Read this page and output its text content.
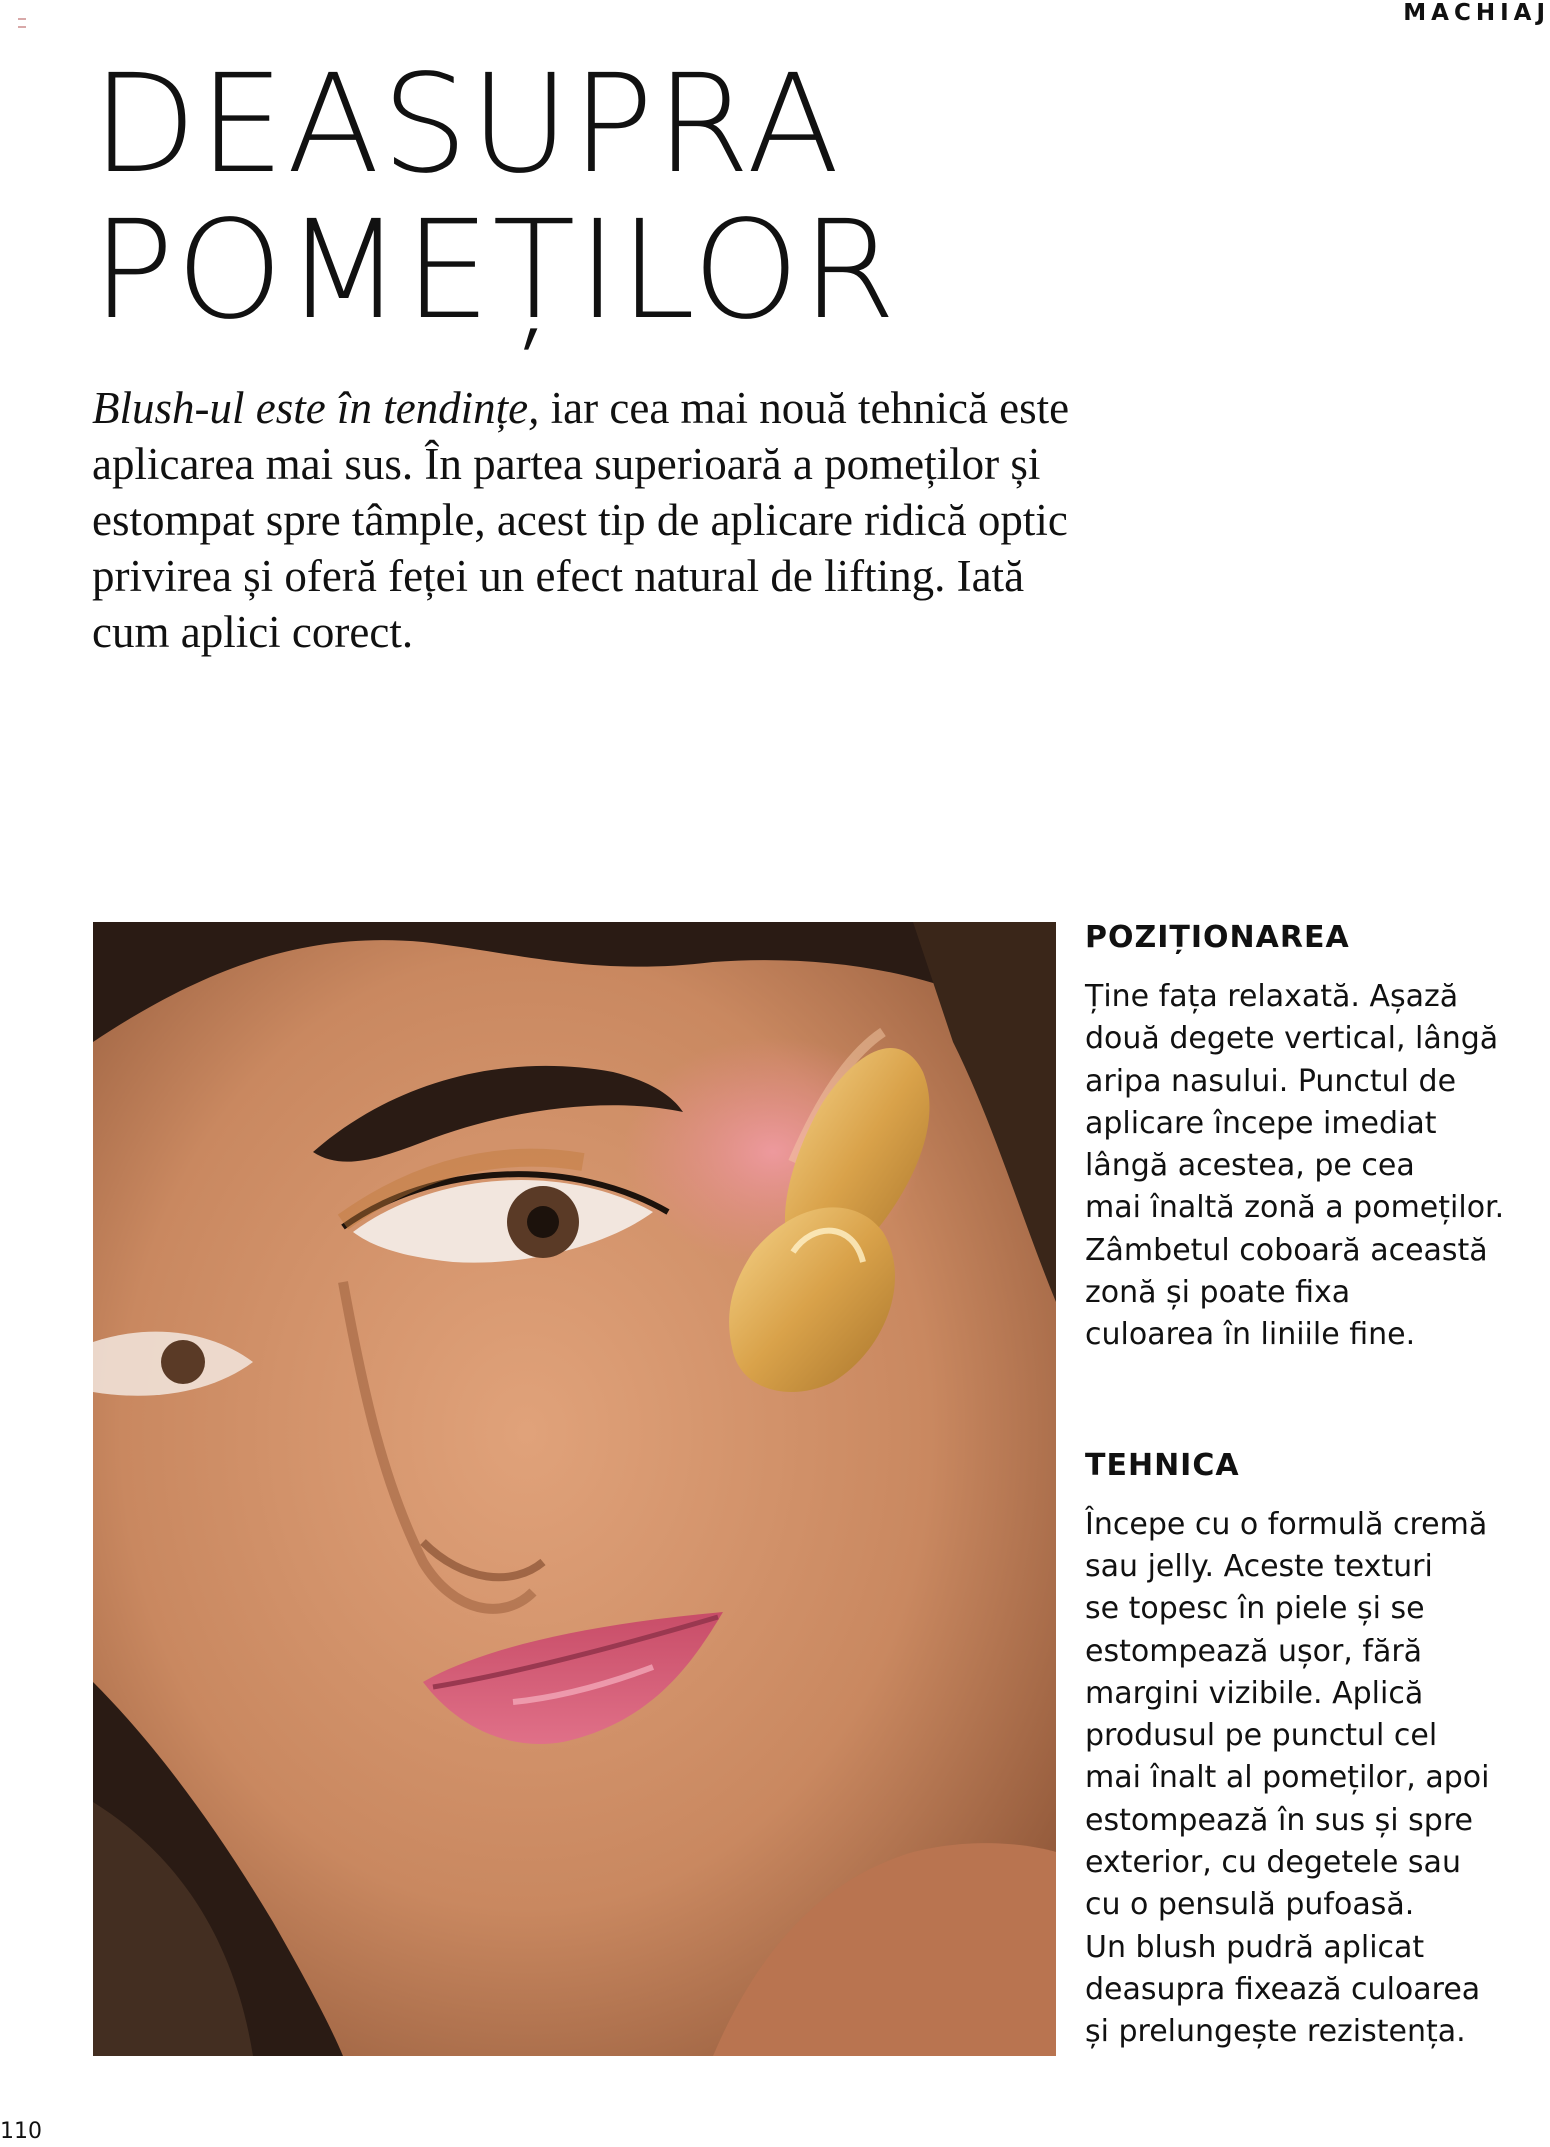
MACHIAJ
DEASUPRA
POMEȚILOR

Blush-ul este în tendințe, iar cea mai nouă tehnică este aplicarea mai sus. În partea superioară a pomeților și estompat spre tâmple, acest tip de aplicare ridică optic privirea și oferă feței un efect natural de lifting. Iată cum aplici corect.

POZIȚIONAREA

Ține fața relaxată. Așază
două degete vertical, lângă
aripa nasului. Punctul de
aplicare începe imediat
lângă acestea, pe cea
mai înaltă zonă a pomeților.
Zâmbetul coboară această
zonă și poate fixa
culoarea în liniile fine.

TEHNICA

Începe cu o formulă cremă
sau jelly. Aceste texturi
se topesc în piele și se
estompează ușor, fără
margini vizibile. Aplică
produsul pe punctul cel
mai înalt al pomeților, apoi
estompează în sus și spre
exterior, cu degetele sau
cu o pensulă pufoasă.
Un blush pudră aplicat
deasupra fixează culoarea
și prelungește rezistența.

110
